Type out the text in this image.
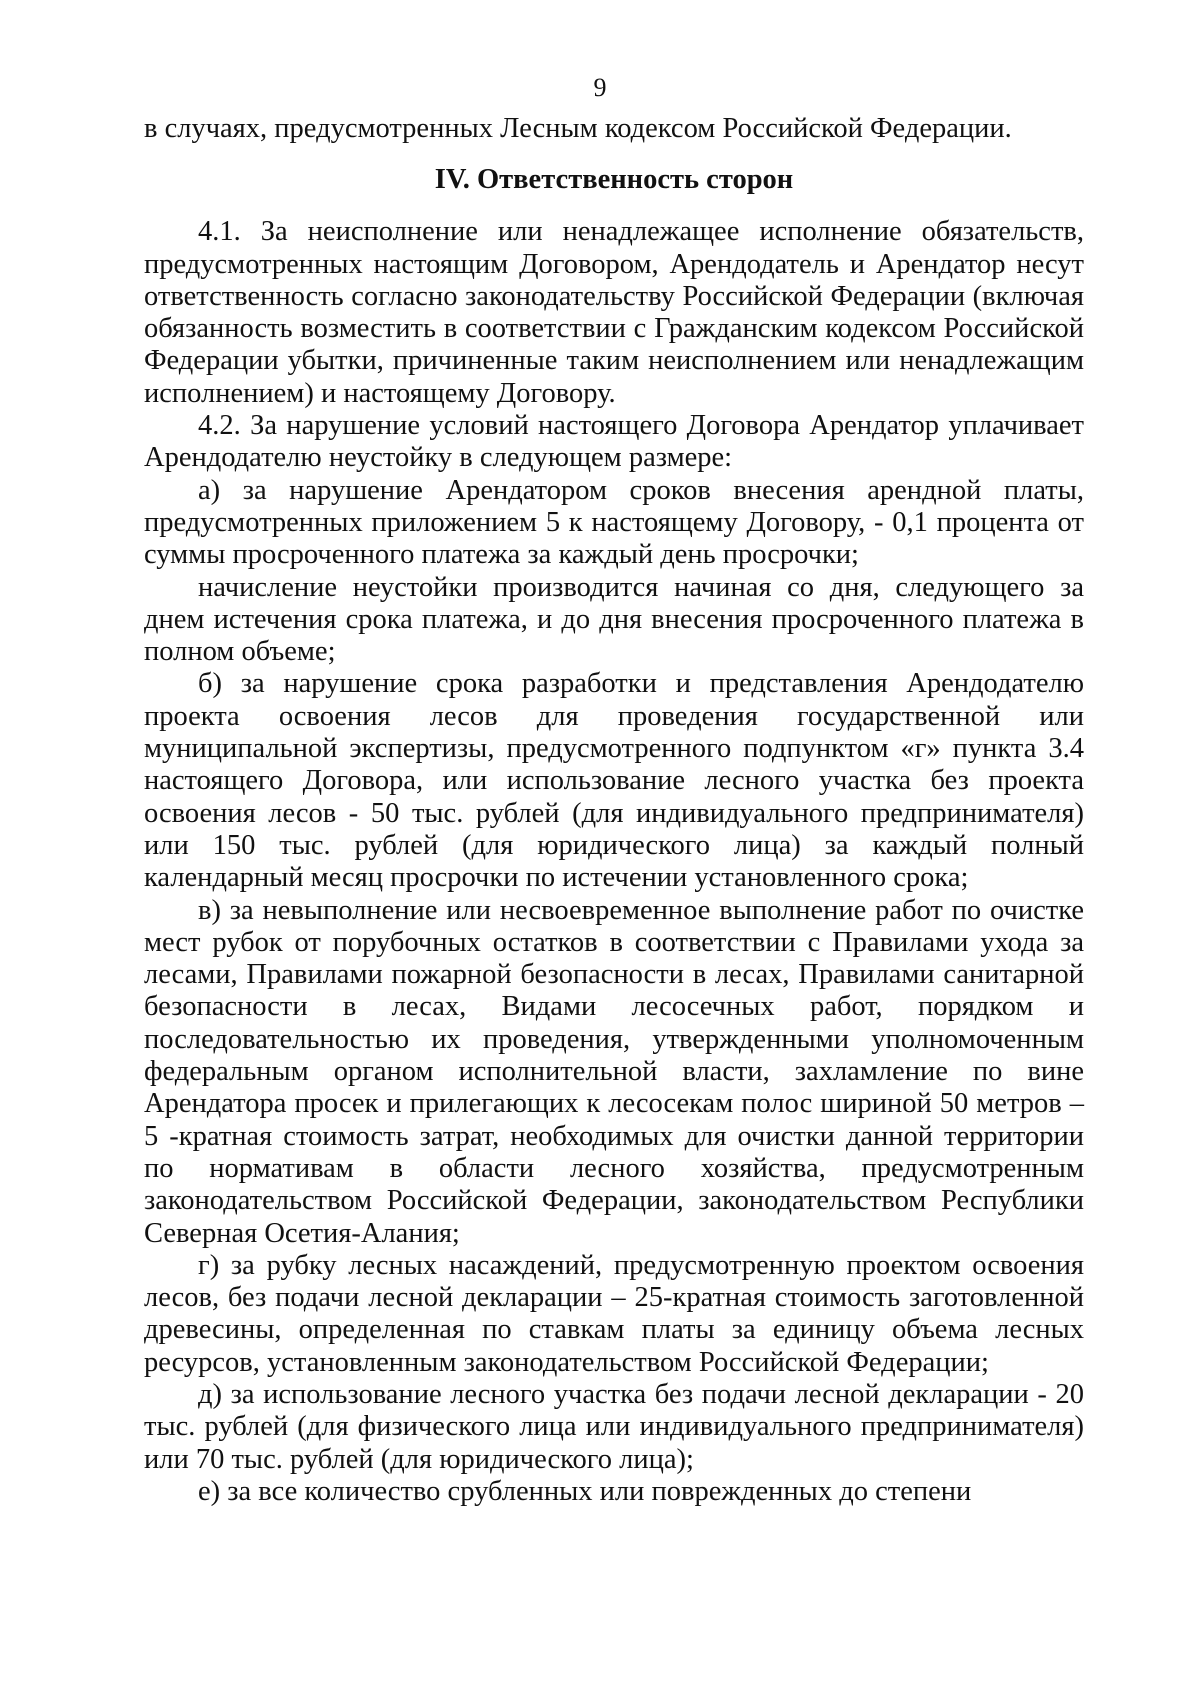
9

в случаях, предусмотренных Лесным кодексом Российской Федерации.

IV. Ответственность сторон

4.1. За неисполнение или ненадлежащее исполнение обязательств, предусмотренных настоящим Договором, Арендодатель и Арендатор несут ответственность согласно законодательству Российской Федерации (включая обязанность возместить в соответствии с Гражданским кодексом Российской Федерации убытки, причиненные таким неисполнением или ненадлежащим исполнением) и настоящему Договору.

4.2. За нарушение условий настоящего Договора Арендатор уплачивает Арендодателю неустойку в следующем размере:

а) за нарушение Арендатором сроков внесения арендной платы, предусмотренных приложением 5 к настоящему Договору, - 0,1 процента от суммы просроченного платежа за каждый день просрочки;

начисление неустойки производится начиная со дня, следующего за днем истечения срока платежа, и до дня внесения просроченного платежа в полном объеме;

б) за нарушение срока разработки и представления Арендодателю проекта освоения лесов для проведения государственной или муниципальной экспертизы, предусмотренного подпунктом «г» пункта 3.4 настоящего Договора, или использование лесного участка без проекта освоения лесов - 50 тыс. рублей (для индивидуального предпринимателя) или 150 тыс. рублей (для юридического лица) за каждый полный календарный месяц просрочки по истечении установленного срока;

в) за невыполнение или несвоевременное выполнение работ по очистке мест рубок от порубочных остатков в соответствии с Правилами ухода за лесами, Правилами пожарной безопасности в лесах, Правилами санитарной безопасности в лесах, Видами лесосечных работ, порядком и последовательностью их проведения, утвержденными уполномоченным федеральным органом исполнительной власти, захламление по вине Арендатора просек и прилегающих к лесосекам полос шириной 50 метров – 5 -кратная стоимость затрат, необходимых для очистки данной территории по нормативам в области лесного хозяйства, предусмотренным законодательством Российской Федерации, законодательством Республики Северная Осетия-Алания;

г) за рубку лесных насаждений, предусмотренную проектом освоения лесов, без подачи лесной декларации – 25-кратная стоимость заготовленной древесины, определенная по ставкам платы за единицу объема лесных ресурсов, установленным законодательством Российской Федерации;

д) за использование лесного участка без подачи лесной декларации - 20 тыс. рублей (для физического лица или индивидуального предпринимателя) или 70 тыс. рублей (для юридического лица);

е) за все количество срубленных или поврежденных до степени
